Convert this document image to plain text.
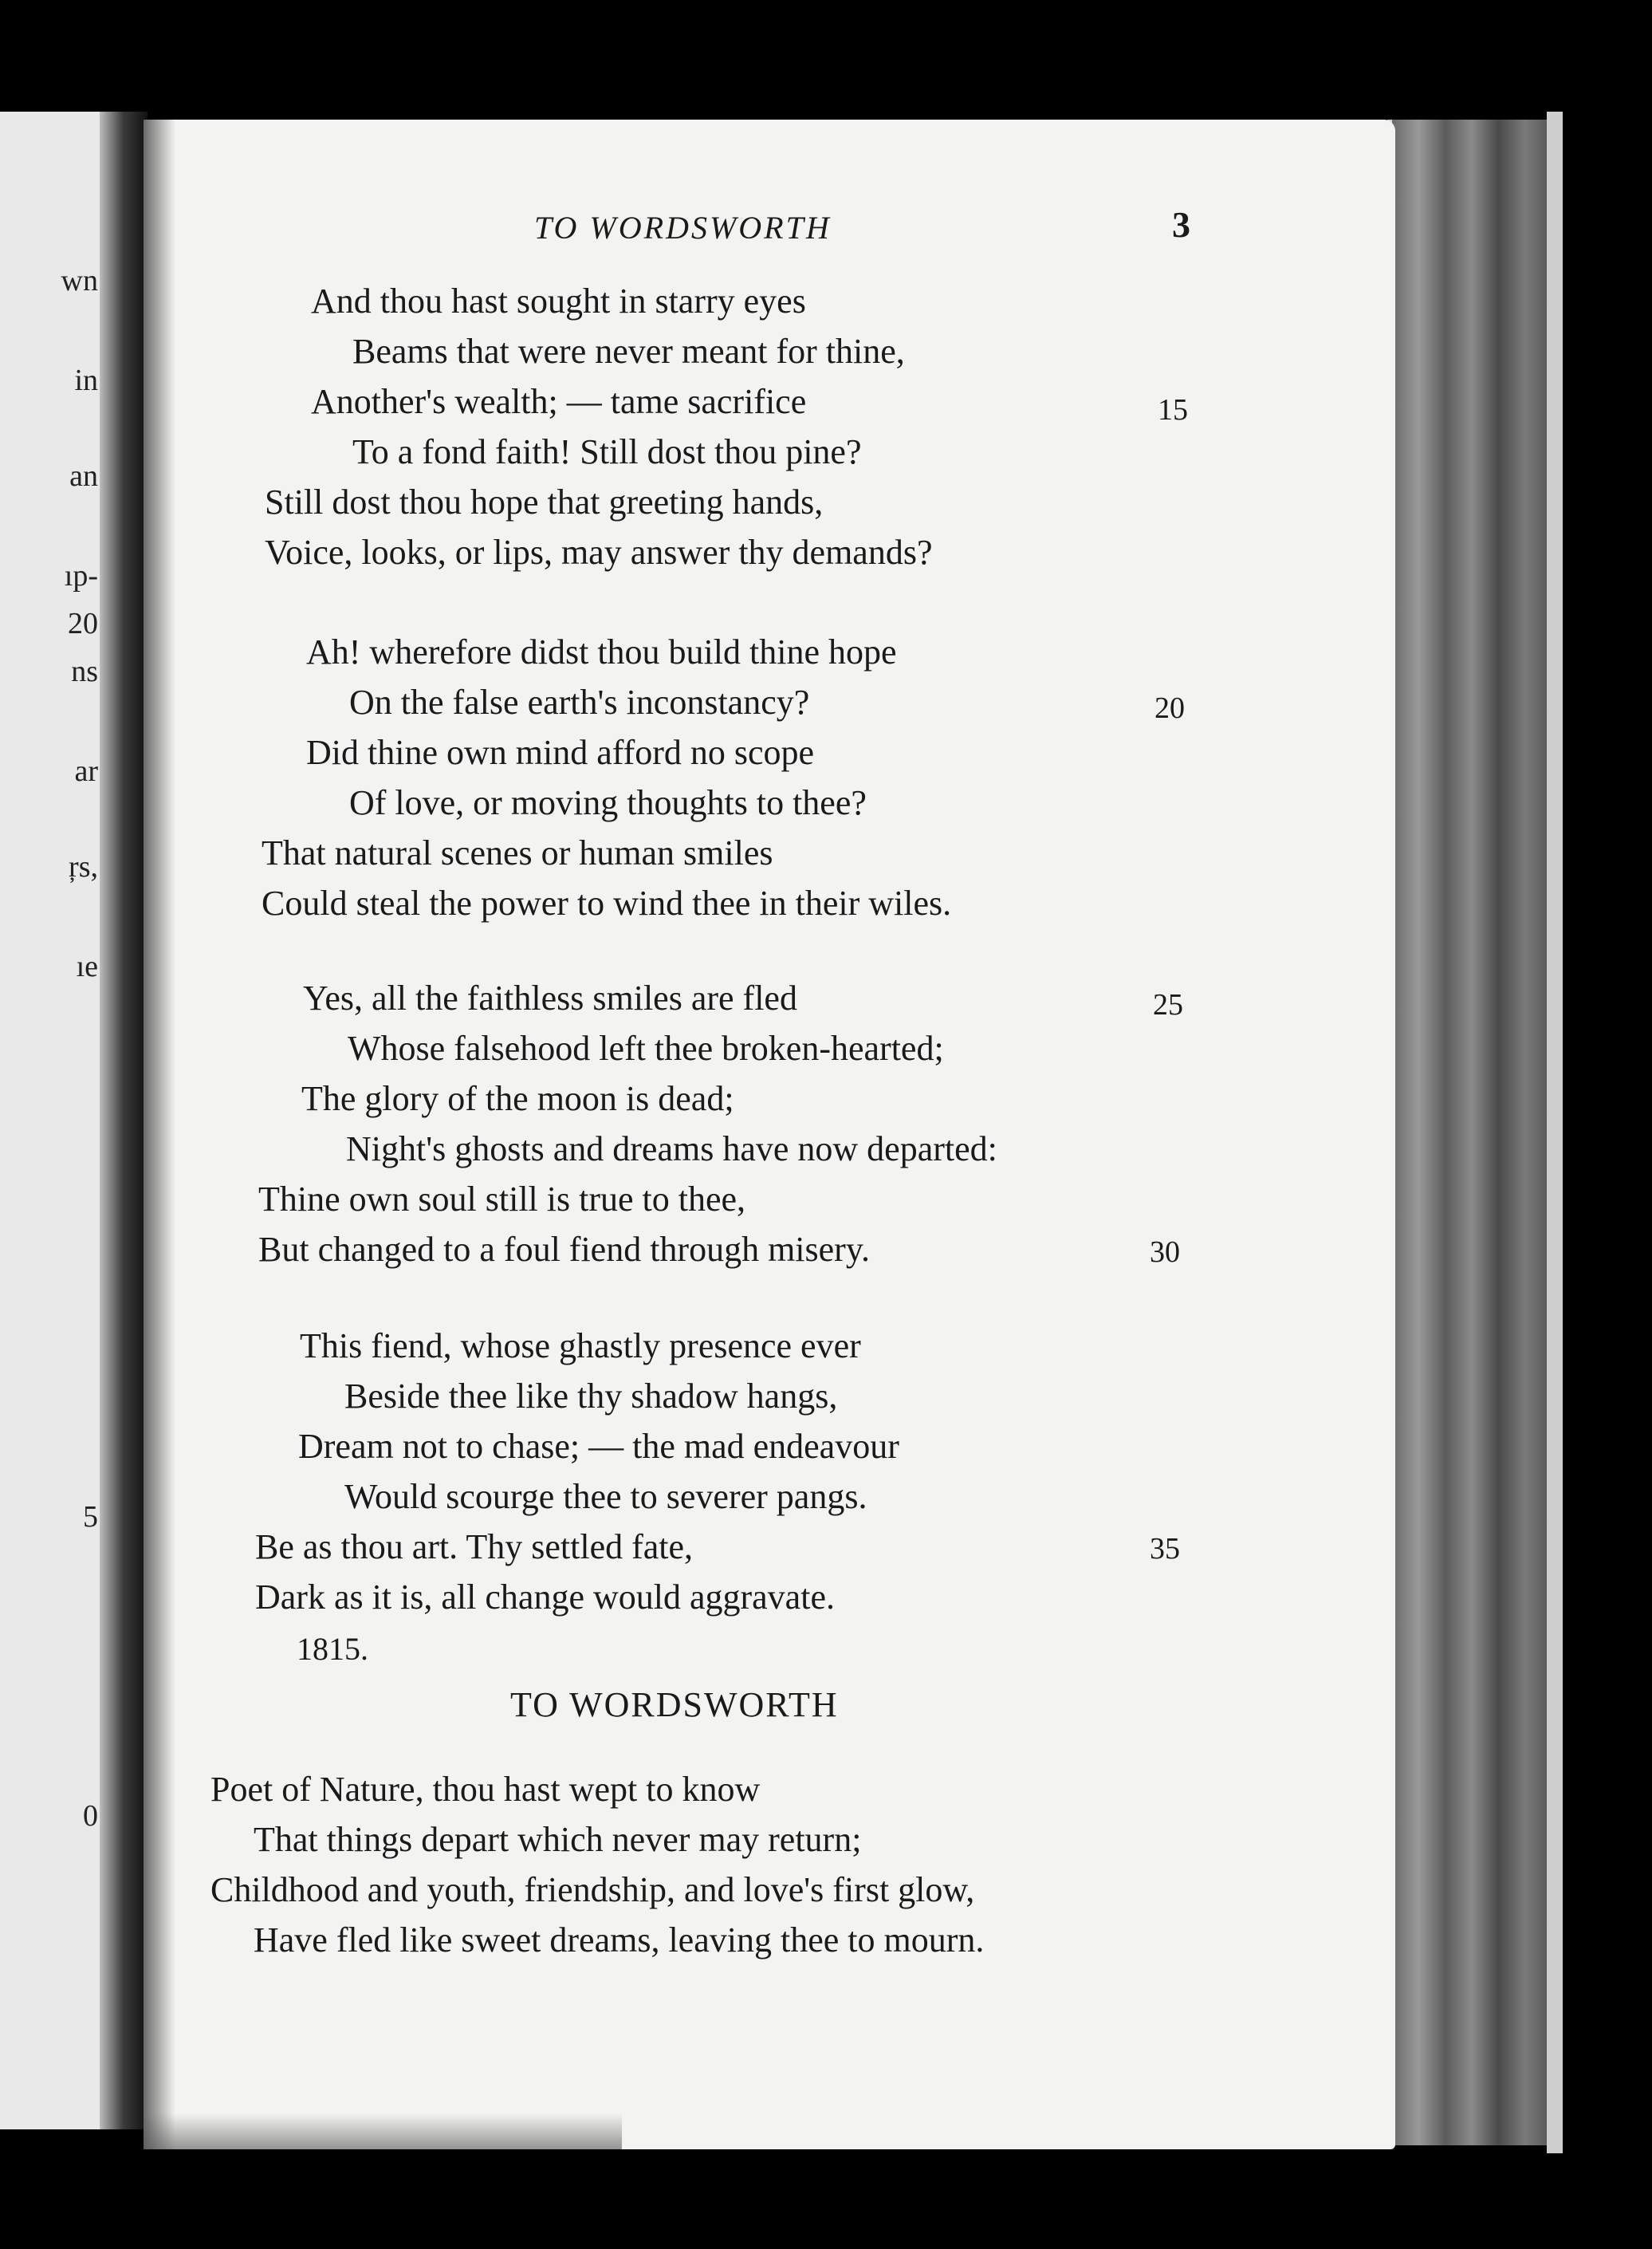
wn
in
an
ıp-
20
ns
ar
ŗs,
ıe
5
0
TO WORDSWORTH	3
And thou hast sought in starry eyes
Beams that were never meant for thine,
Another's wealth; — tame sacrifice
To a fond faith! Still dost thou pine?
Still dost thou hope that greeting hands,
Voice, looks, or lips, may answer thy demands?
15
Ah! wherefore didst thou build thine hope
On the false earth's inconstancy?
Did thine own mind afford no scope
Of love, or moving thoughts to thee?
That natural scenes or human smiles
Could steal the power to wind thee in their wiles.
20
Yes, all the faithless smiles are fled
Whose falsehood left thee broken-hearted;
The glory of the moon is dead;
Night's ghosts and dreams have now departed:
Thine own soul still is true to thee,
But changed to a foul fiend through misery.
25
30
This fiend, whose ghastly presence ever
Beside thee like thy shadow hangs,
Dream not to chase; — the mad endeavour
Would scourge thee to severer pangs.
Be as thou art. Thy settled fate,
Dark as it is, all change would aggravate.
35
1815.
TO WORDSWORTH
Poet of Nature, thou hast wept to know
That things depart which never may return;
Childhood and youth, friendship, and love's first glow,
Have fled like sweet dreams, leaving thee to mourn.
